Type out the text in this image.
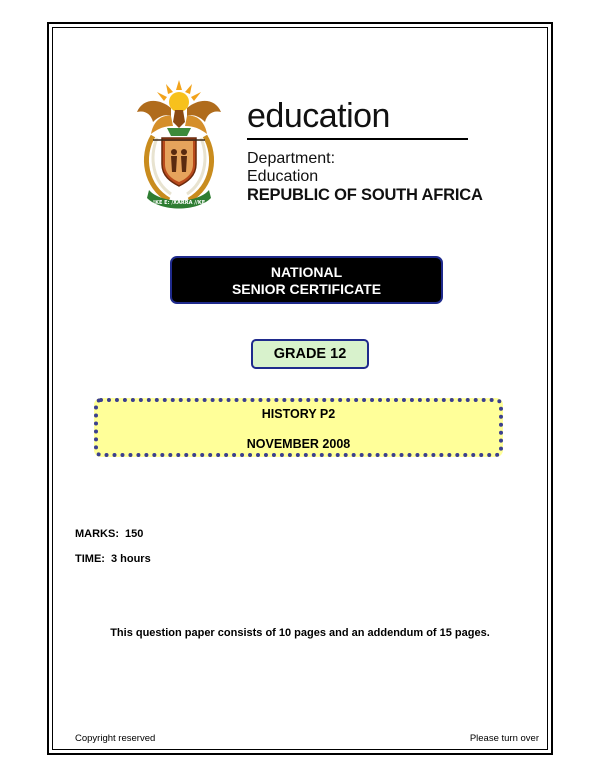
!KE E: /XARRA //KE
education
Department:
Education
REPUBLIC OF SOUTH AFRICA
NATIONAL
SENIOR CERTIFICATE
GRADE 12
HISTORY P2
NOVEMBER 2008
MARKS: 150
TIME: 3 hours
This question paper consists of 10 pages and an addendum of 15 pages.
Copyright reserved	Please turn over
